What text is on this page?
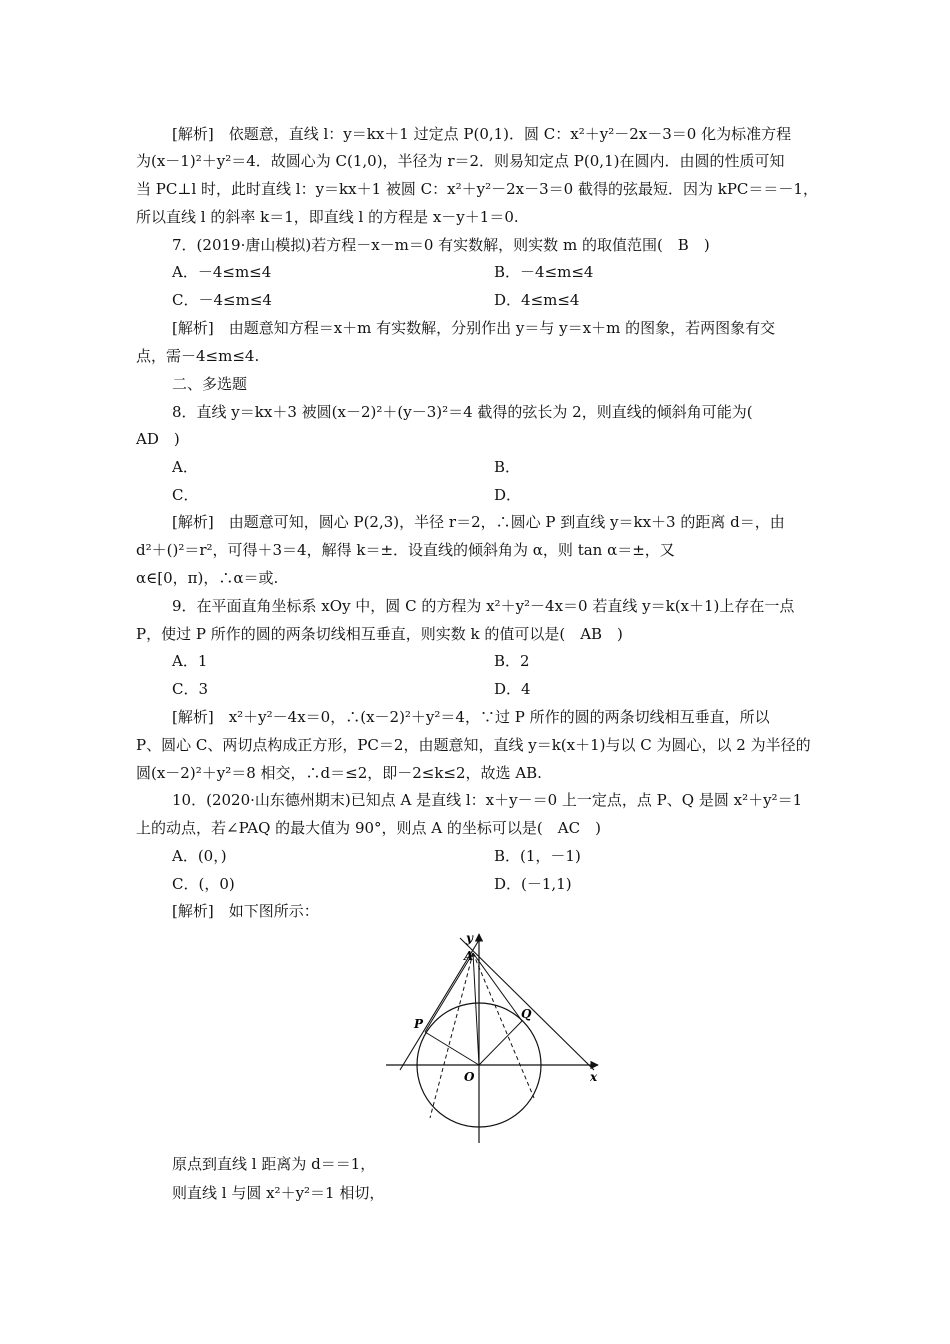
[解析]　依题意，直线 l：y＝kx＋1 过定点 P(0,1)．圆 C：x²＋y²－2x－3＝0 化为标准方程
为(x－1)²＋y²＝4．故圆心为 C(1,0)，半径为 r＝2．则易知定点 P(0,1)在圆内．由圆的性质可知
当 PC⊥l 时，此时直线 l：y＝kx＋1 被圆 C：x²＋y²－2x－3＝0 截得的弦最短．因为 kPC＝＝－1，
所以直线 l 的斜率 k＝1，即直线 l 的方程是 x－y＋1＝0.
7．(2019·唐山模拟)若方程－x－m＝0 有实数解，则实数 m 的取值范围(　B　)
A．－4≤m≤4	B．－4≤m≤4
C．－4≤m≤4	D．4≤m≤4
[解析]　由题意知方程＝x＋m 有实数解，分别作出 y＝与 y＝x＋m 的图象，若两图象有交
点，需－4≤m≤4.
二、多选题
8．直线 y＝kx＋3 被圆(x－2)²＋(y－3)²＝4 截得的弦长为 2，则直线的倾斜角可能为(
AD　)
A．	B．
C．	D．
[解析]　由题意可知，圆心 P(2,3)，半径 r＝2，∴圆心 P 到直线 y＝kx＋3 的距离 d＝，由
d²＋()²＝r²，可得＋3＝4，解得 k＝±．设直线的倾斜角为 α，则 tan α＝±，又
α∈[0，π)，∴α＝或.
9．在平面直角坐标系 xOy 中，圆 C 的方程为 x²＋y²－4x＝0 若直线 y＝k(x＋1)上存在一点
P，使过 P 所作的圆的两条切线相互垂直，则实数 k 的值可以是(　AB　)
A．1	B．2
C．3	D．4
[解析]　x²＋y²－4x＝0，∴(x－2)²＋y²＝4，∵过 P 所作的圆的两条切线相互垂直，所以
P、圆心 C、两切点构成正方形，PC＝2，由题意知，直线 y＝k(x＋1)与以 C 为圆心，以 2 为半径的
圆(x－2)²＋y²＝8 相交，∴d＝≤2，即－2≤k≤2，故选 AB.
10．(2020·山东德州期末)已知点 A 是直线 l：x＋y－＝0 上一定点，点 P、Q 是圆 x²＋y²＝1
上的动点，若∠PAQ 的最大值为 90°，则点 A 的坐标可以是(　AC　)
A．(0，)	B．(1，－1)
C．(，0)	D．(－1,1)
[解析]　如下图所示：
y
A
P
Q
O	x
原点到直线 l 距离为 d＝＝1，
则直线 l 与圆 x²＋y²＝1 相切，
